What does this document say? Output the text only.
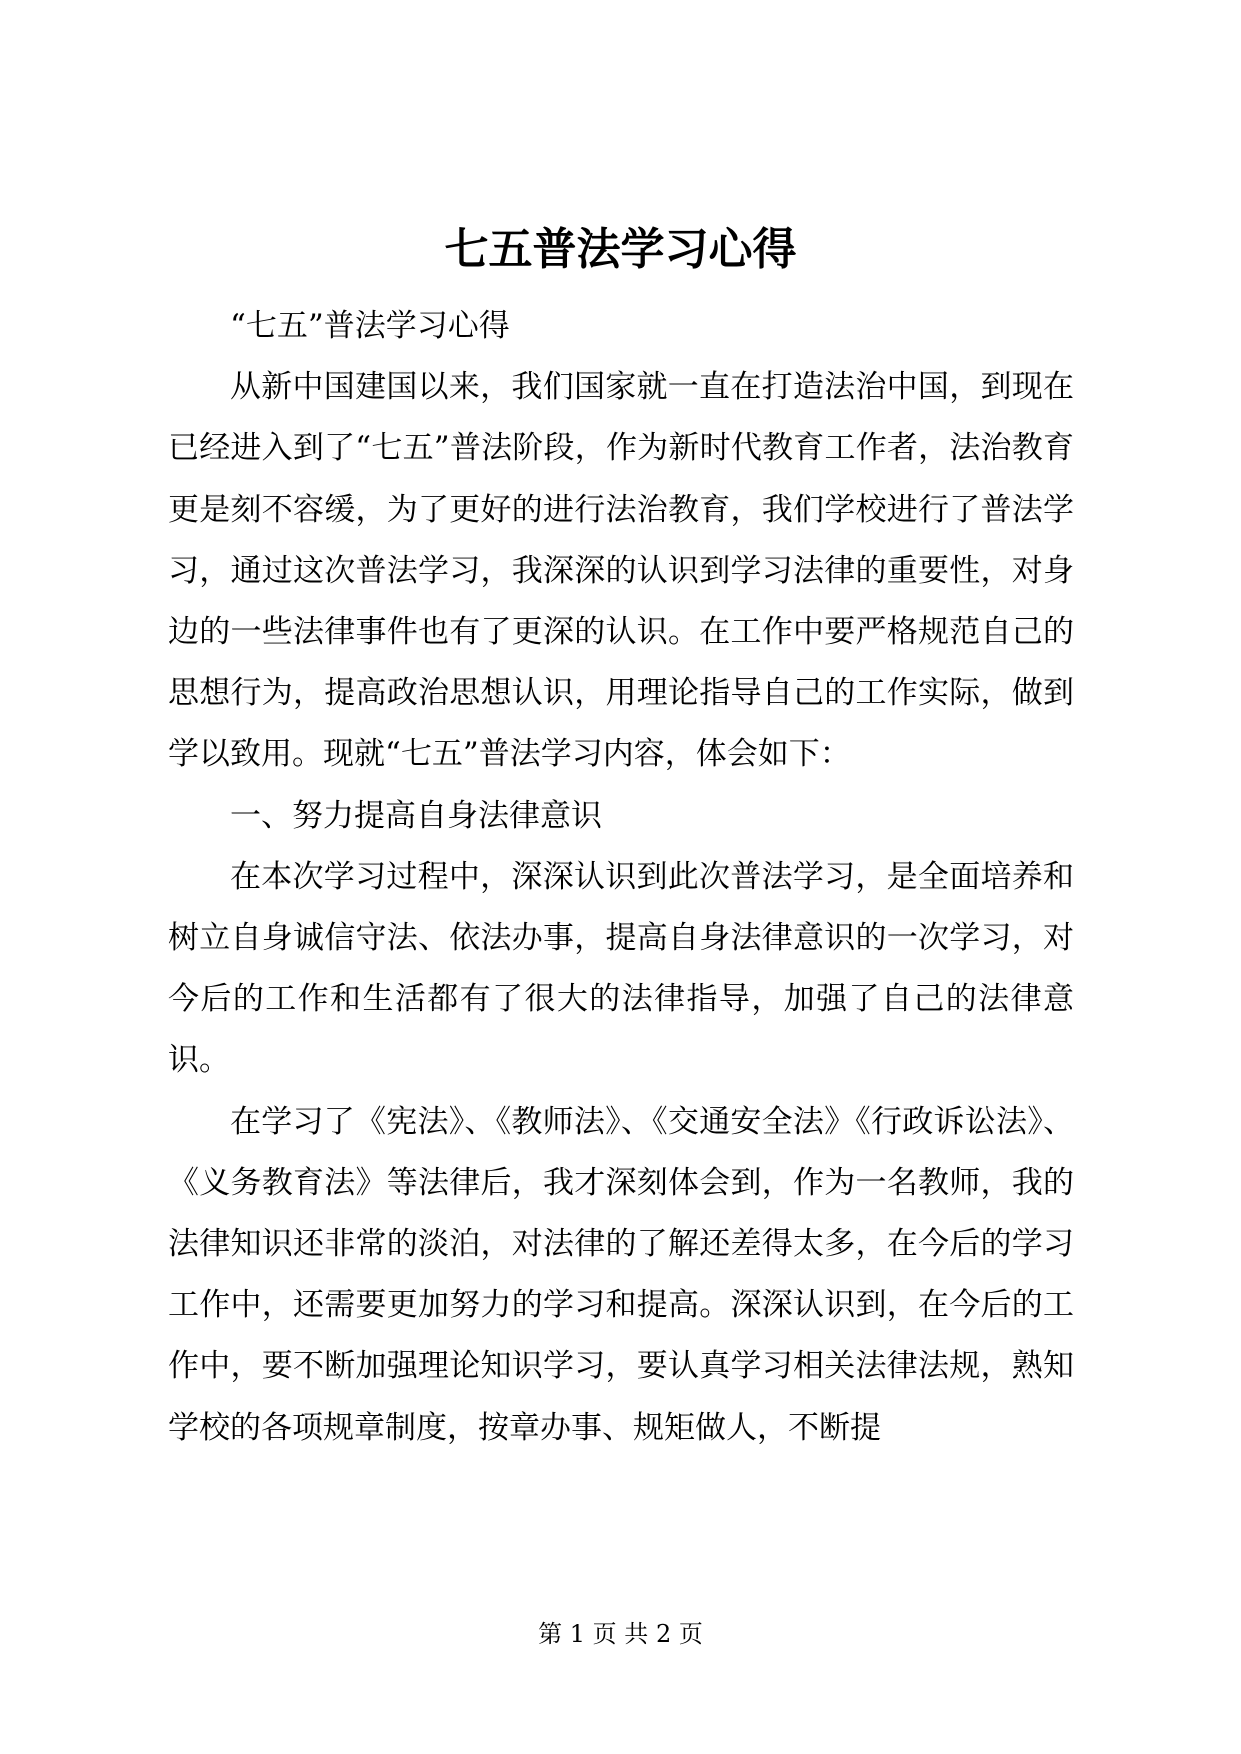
七五普法学习心得

“七五”普法学习心得

从新中国建国以来，我们国家就一直在打造法治中国，到现在已经进入到了“七五”普法阶段，作为新时代教育工作者，法治教育更是刻不容缓，为了更好的进行法治教育，我们学校进行了普法学习，通过这次普法学习，我深深的认识到学习法律的重要性，对身边的一些法律事件也有了更深的认识。在工作中要严格规范自己的思想行为，提高政治思想认识，用理论指导自己的工作实际，做到学以致用。现就“七五”普法学习内容，体会如下：

一、努力提高自身法律意识

在本次学习过程中，深深认识到此次普法学习，是全面培养和树立自身诚信守法、依法办事，提高自身法律意识的一次学习，对今后的工作和生活都有了很大的法律指导，加强了自己的法律意识。

在学习了《宪法》、《教师法》、《交通安全法》《行政诉讼法》、《义务教育法》等法律后，我才深刻体会到，作为一名教师，我的法律知识还非常的淡泊，对法律的了解还差得太多，在今后的学习工作中，还需要更加努力的学习和提高。深深认识到，在今后的工作中，要不断加强理论知识学习，要认真学习相关法律法规，熟知学校的各项规章制度，按章办事、规矩做人，不断提

第 1 页 共 2 页
